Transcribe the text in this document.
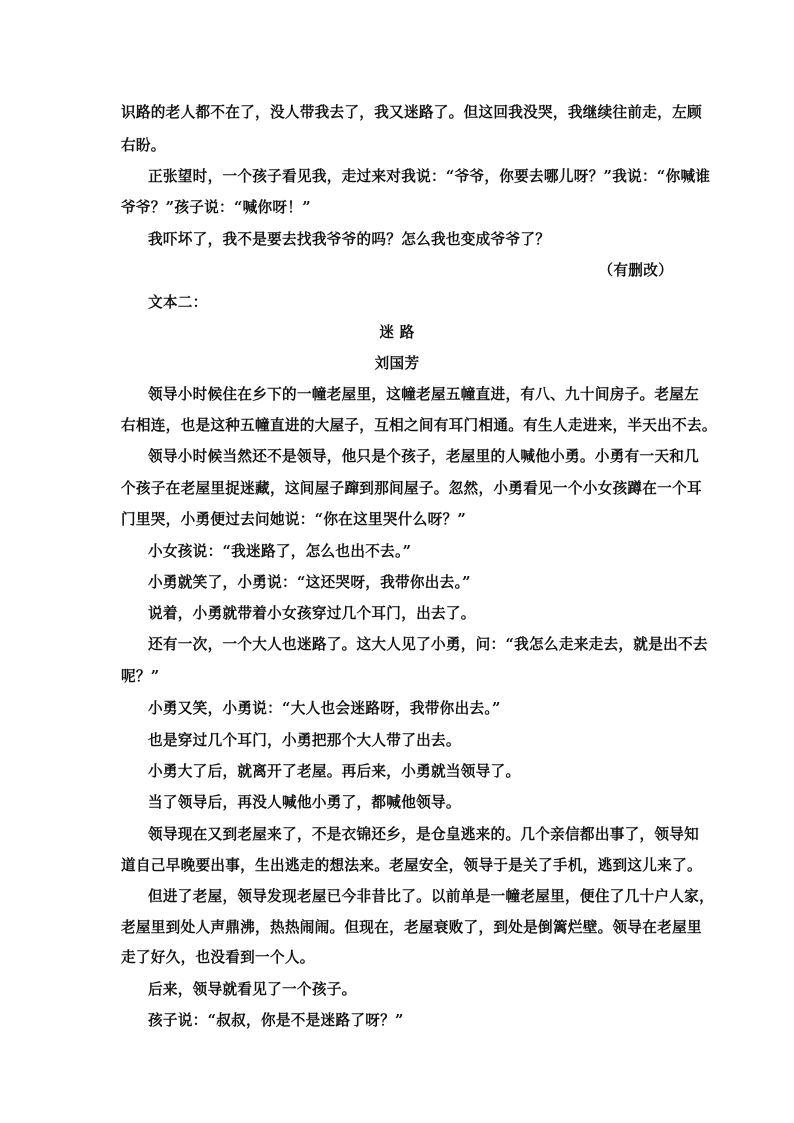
识路的老人都不在了，没人带我去了，我又迷路了。但这回我没哭，我继续往前走，左顾
右盼。
正张望时，一个孩子看见我，走过来对我说：“爷爷，你要去哪儿呀？”我说：“你喊谁
爷爷？”孩子说：“喊你呀！”
我吓坏了，我不是要去找我爷爷的吗？怎么我也变成爷爷了？
（有删改）
文本二：
迷 路
刘国芳
领导小时候住在乡下的一幢老屋里，这幢老屋五幢直进，有八、九十间房子。老屋左
右相连，也是这种五幢直进的大屋子，互相之间有耳门相通。有生人走进来，半天出不去。
领导小时候当然还不是领导，他只是个孩子，老屋里的人喊他小勇。小勇有一天和几
个孩子在老屋里捉迷藏，这间屋子蹿到那间屋子。忽然，小勇看见一个小女孩蹲在一个耳
门里哭，小勇便过去问她说：“你在这里哭什么呀？”
小女孩说：“我迷路了，怎么也出不去。”
小勇就笑了，小勇说：“这还哭呀，我带你出去。”
说着，小勇就带着小女孩穿过几个耳门，出去了。
还有一次，一个大人也迷路了。这大人见了小勇，问：“我怎么走来走去，就是出不去
呢？”
小勇又笑，小勇说：“大人也会迷路呀，我带你出去。”
也是穿过几个耳门，小勇把那个大人带了出去。
小勇大了后，就离开了老屋。再后来，小勇就当领导了。
当了领导后，再没人喊他小勇了，都喊他领导。
领导现在又到老屋来了，不是衣锦还乡，是仓皇逃来的。几个亲信都出事了，领导知
道自己早晚要出事，生出逃走的想法来。老屋安全，领导于是关了手机，逃到这儿来了。
但进了老屋，领导发现老屋已今非昔比了。以前单是一幢老屋里，便住了几十户人家，
老屋里到处人声鼎沸，热热闹闹。但现在，老屋衰败了，到处是倒篱烂壁。领导在老屋里
走了好久，也没看到一个人。
后来，领导就看见了一个孩子。
孩子说：“叔叔，你是不是迷路了呀？”
